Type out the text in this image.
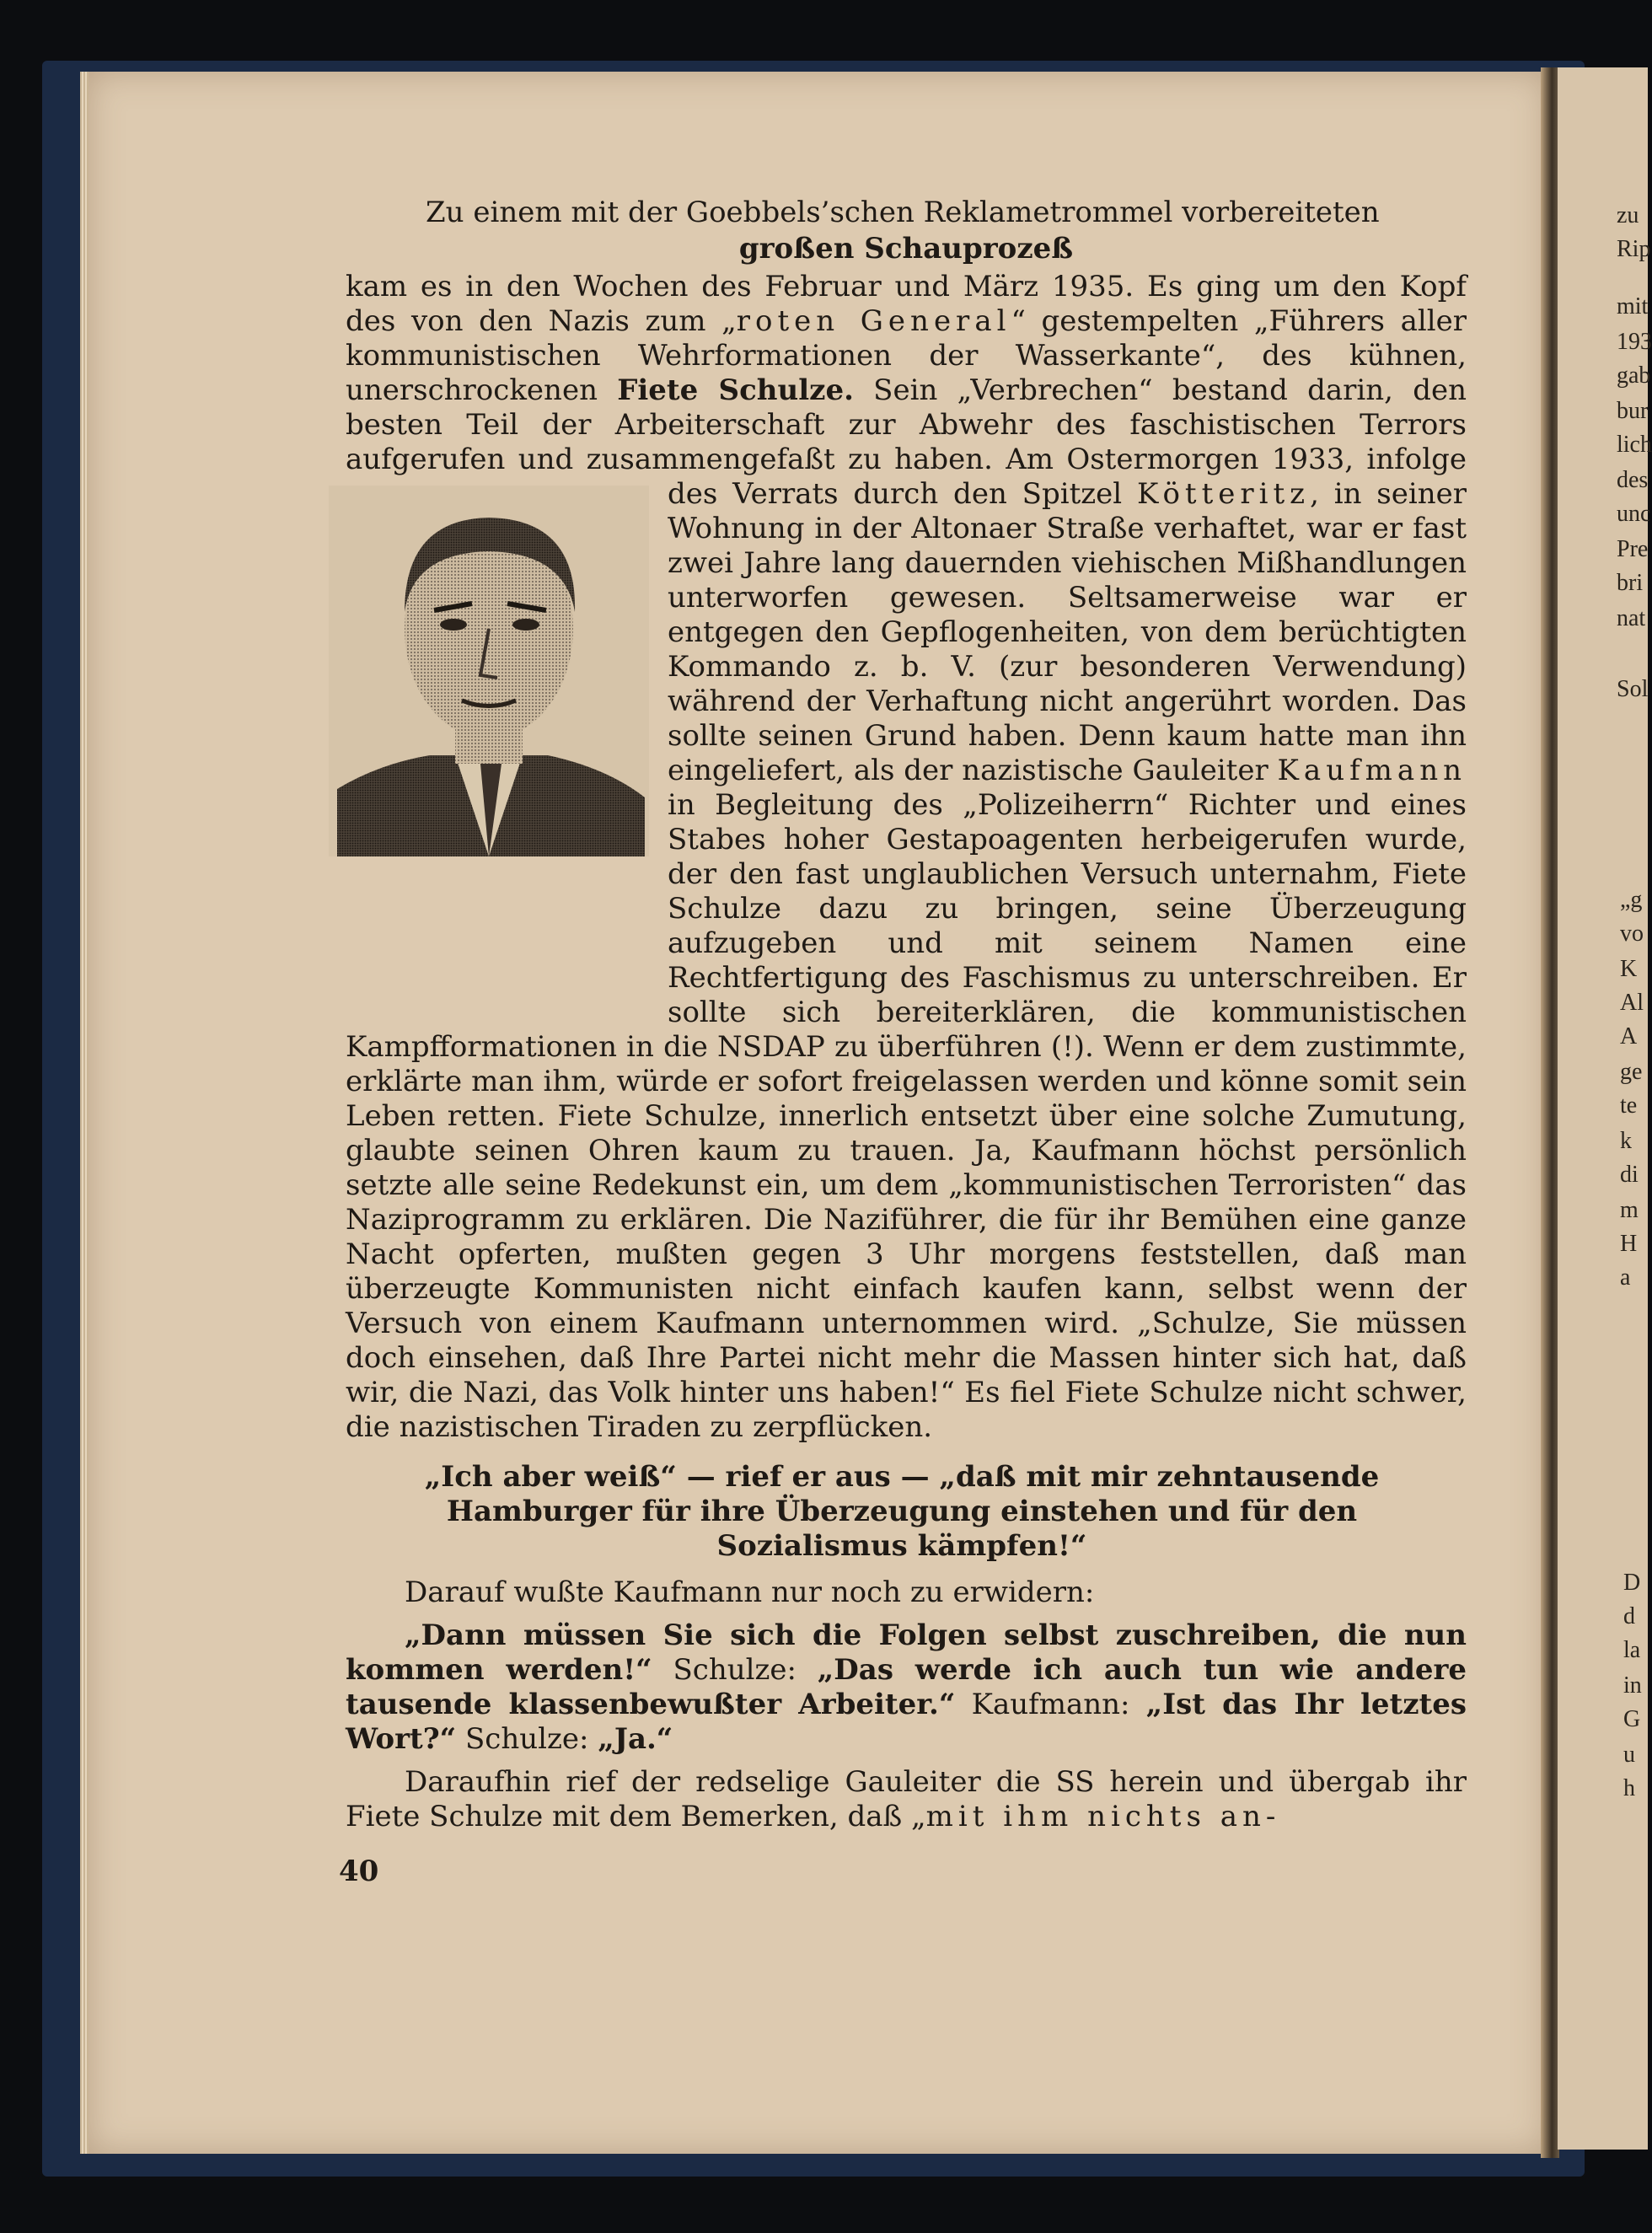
zu
Rip
mit
193
gab
bur
lich
des
unc
Pre
bri
nat
Sol
„g
vo
K
Al
A
ge
te
k
di
m
H
a
D
d
la
in
G
u
h
Zu einem mit der Goebbels’schen Reklametrommel vorbereiteten
großen Schauprozeß
kam es in den Wochen des Februar und März 1935. Es ging um den Kopf des von den Nazis zum „roten General“ gestempelten „Führers aller kommunistischen Wehrformationen der Wasserkante“, des kühnen, unerschrockenen Fiete Schulze. Sein „Verbrechen“ bestand darin, den besten Teil der Arbeiterschaft zur Abwehr des faschistischen Terrors aufgerufen und zusammengefaßt zu haben. Am Ostermorgen 1933, infolge des Verrats durch den Spitzel
Kötteritz, in seiner Wohnung in der Altonaer Straße verhaftet, war er fast zwei Jahre lang dauernden viehischen Mißhandlungen unterworfen gewesen. Seltsamerweise war er entgegen den Gepflogenheiten, von dem berüchtigten Kommando z. b. V. (zur besonderen Verwendung) während der Verhaftung nicht angerührt worden. Das sollte seinen Grund haben. Denn kaum hatte man ihn eingeliefert, als der nazistische Gauleiter Kaufmann in Begleitung des „Polizeiherrn“ Richter und eines Stabes hoher Gestapoagenten herbeigerufen wurde, der den fast unglaublichen Versuch unternahm, Fiete Schulze dazu zu bringen, seine Überzeugung aufzugeben und mit seinem Namen eine Rechtfertigung des Faschismus zu unterschreiben. Er sollte sich bereiterklären, die kommunistischen Kampfformationen in die NSDAP zu überführen (!). Wenn er dem zustimmte, erklärte man ihm, würde er sofort freigelassen werden und könne somit sein Leben retten. Fiete Schulze, innerlich entsetzt über eine solche Zumutung, glaubte seinen Ohren kaum zu trauen. Ja, Kaufmann höchst persönlich setzte alle seine Redekunst ein, um dem „kommunistischen Terroristen“ das Naziprogramm zu erklären. Die Naziführer, die für ihr Bemühen eine ganze Nacht opferten, mußten gegen 3 Uhr morgens feststellen, daß man überzeugte Kommunisten nicht einfach kaufen kann, selbst wenn der Versuch von einem Kaufmann unternommen wird. „Schulze, Sie müssen doch einsehen, daß Ihre Partei nicht mehr die Massen hinter sich hat, daß wir, die Nazi, das Volk hinter uns haben!“ Es fiel Fiete Schulze nicht schwer, die nazistischen Tiraden zu zerpflücken.
„Ich aber weiß“ — rief er aus — „daß mit mir zehntausende Hamburger für ihre Überzeugung einstehen und für den Sozialismus kämpfen!“
Darauf wußte Kaufmann nur noch zu erwidern:
„Dann müssen Sie sich die Folgen selbst zuschreiben, die nun kommen werden!“ Schulze: „Das werde ich auch tun wie andere tausende klassenbewußter Arbeiter.“ Kaufmann: „Ist das Ihr letztes Wort?“ Schulze: „Ja.“
Daraufhin rief der redselige Gauleiter die SS herein und übergab ihr Fiete Schulze mit dem Bemerken, daß „mit ihm nichts an-
40
